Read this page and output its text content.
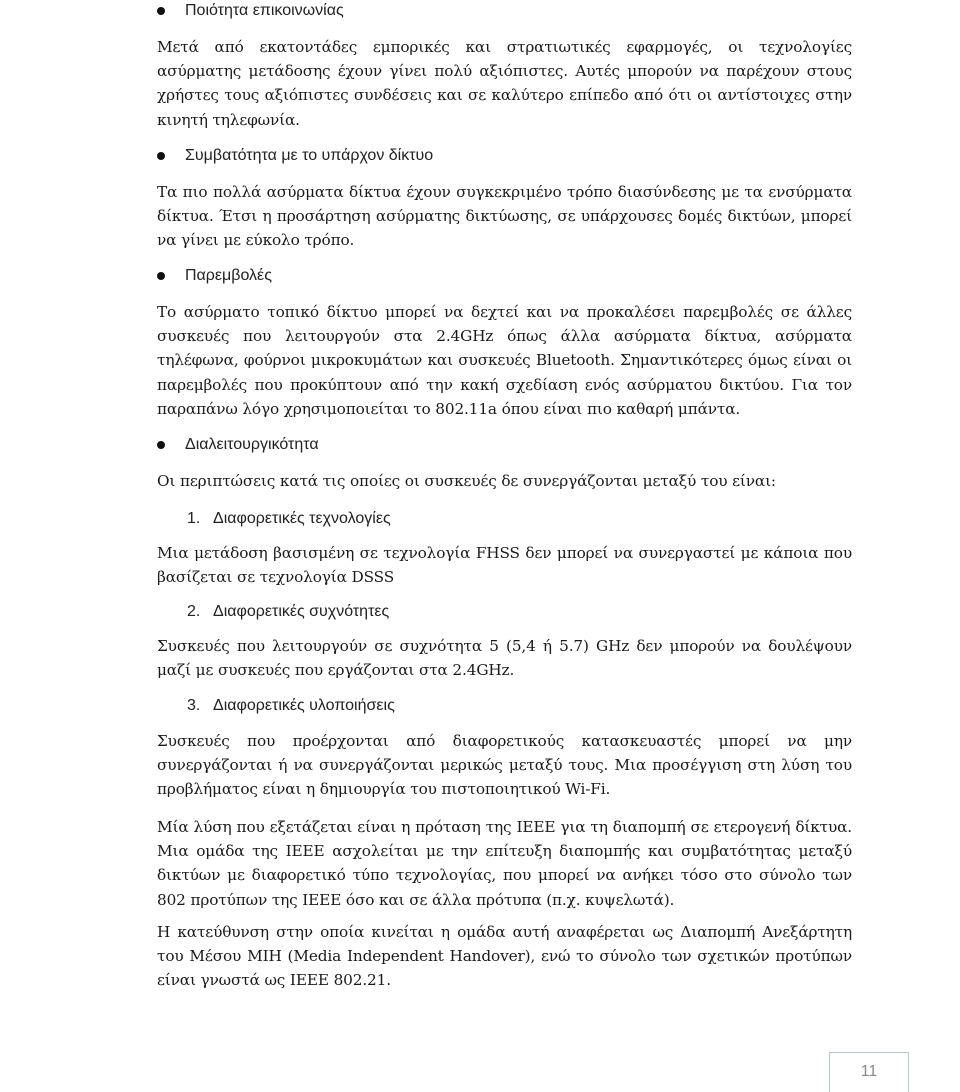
Ποιότητα επικοινωνίας
Μετά από εκατοντάδες εμπορικές και στρατιωτικές εφαρμογές, οι τεχνολογίες ασύρματης μετάδοσης έχουν γίνει πολύ αξιόπιστες. Αυτές μπορούν να παρέχουν στους χρήστες τους αξιόπιστες συνδέσεις και σε καλύτερο επίπεδο από ότι οι αντίστοιχες στην κινητή τηλεφωνία.
Συμβατότητα με το υπάρχον δίκτυο
Τα πιο πολλά ασύρματα δίκτυα έχουν συγκεκριμένο τρόπο διασύνδεσης με τα ενσύρματα δίκτυα. Έτσι η προσάρτηση ασύρματης δικτύωσης, σε υπάρχουσες δομές δικτύων, μπορεί να γίνει με εύκολο τρόπο.
Παρεμβολές
Το ασύρματο τοπικό δίκτυο μπορεί να δεχτεί και να προκαλέσει παρεμβολές σε άλλες συσκευές που λειτουργούν στα 2.4GHz όπως άλλα ασύρματα δίκτυα, ασύρματα τηλέφωνα, φούρνοι μικροκυμάτων και συσκευές Bluetooth. Σημαντικότερες όμως είναι οι παρεμβολές που προκύπτουν από την κακή σχεδίαση ενός ασύρματου δικτύου. Για τον παραπάνω λόγο χρησιμοποιείται το 802.11a όπου είναι πιο καθαρή μπάντα.
Διαλειτουργικότητα
Οι περιπτώσεις κατά τις οποίες οι συσκευές δε συνεργάζονται μεταξύ του είναι:
1. Διαφορετικές τεχνολογίες
Μια μετάδοση βασισμένη σε τεχνολογία FHSS δεν μπορεί να συνεργαστεί με κάποια που βασίζεται σε τεχνολογία DSSS
2. Διαφορετικές συχνότητες
Συσκευές που λειτουργούν σε συχνότητα 5 (5,4 ή 5.7) GHz δεν μπορούν να δουλέψουν μαζί με συσκευές που εργάζονται στα 2.4GHz.
3. Διαφορετικές υλοποιήσεις
Συσκευές που προέρχονται από διαφορετικούς κατασκευαστές μπορεί να μην συνεργάζονται ή να συνεργάζονται μερικώς μεταξύ τους. Μια προσέγγιση στη λύση του προβλήματος είναι η δημιουργία του πιστοποιητικού Wi-Fi.
Μία λύση που εξετάζεται είναι η πρόταση της IEEE για τη διαπομπή σε ετερογενή δίκτυα. Μια ομάδα της IEEE ασχολείται με την επίτευξη διαπομπής και συμβατότητας μεταξύ δικτύων με διαφορετικό τύπο τεχνολογίας, που μπορεί να ανήκει τόσο στο σύνολο των 802 προτύπων της IEEE όσο και σε άλλα πρότυπα (π.χ. κυψελωτά).
Η κατεύθυνση στην οποία κινείται η ομάδα αυτή αναφέρεται ως Διαπομπή Ανεξάρτητη του Μέσου MIH (Media Independent Handover), ενώ το σύνολο των σχετικών προτύπων είναι γνωστά ως IEEE 802.21.
11
